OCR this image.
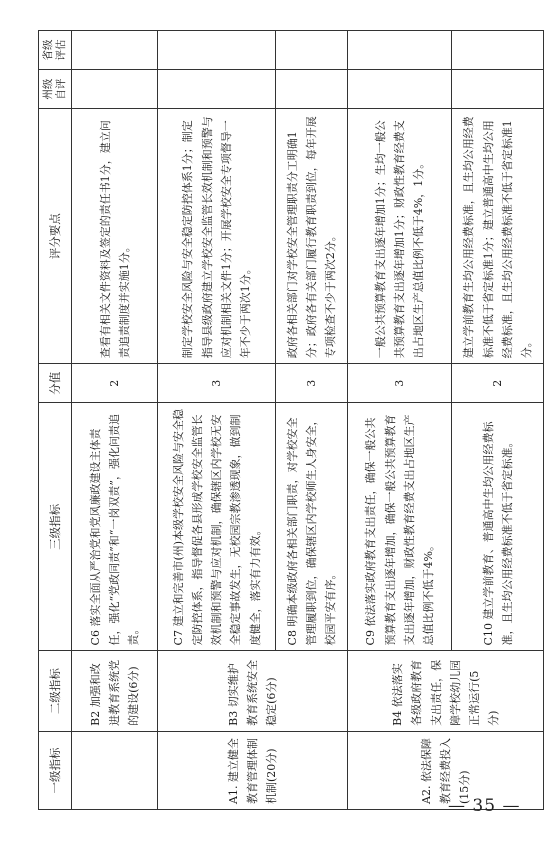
一级指标	二级指标	三级指标	分值	评分要点	州级自评	省级评估
	B2 加强和改进教育系统党的建设(6分)	C6 落实全面从严治党和党风廉政建设主体责任，强化“党政同责”和“一岗双责”，强化问责追责。	2	查看有相关文件资料及签定的责任书1分，建立问责追责制度并实施1分。		
A1. 建立健全教育管理体制机制(20分)	B3 切实维护教育系统安全稳定(6分)	C7 建立和完善市(州)本级学校安全风险与安全稳定防控体系，指导督促各县形成学校安全监管长效机制和预警与应对机制，确保辖区内学校无安全稳定事故发生，无校园宗教渗透现象，做到制度健全，落实有力有效。	3	制定学校安全风险与安全稳定防控体系1分；制定指导县级政府建立学校安全监管长效机制和预警与应对机制相关文件1分；开展学校安全专项督导一年不少于两次1分。		
		C8 明确本级政府各相关部门职责，对学校安全管理履职到位，确保辖区内学校师生人身安全，校园平安有序。	3	政府各相关部门对学校安全管理职责分工明确1分；政府各有关部门履行教育职责到位，每年开展专项检查不少于两次2分。		
A2. 依法保障教育经费投入(15分)	B4 依法落实各级政府教育支出责任，保障学校幼儿园正常运行(5分)	C9 依法落实政府教育支出责任，确保一般公共预算教育支出逐年增加，确保一般公共预算教育支出逐年增加，财政性教育经费支出占地区生产总值比例不低于4%。	3	一般公共预算教育支出逐年增加1分；生均一般公共预算教育支出逐年增加1分；财政性教育经费支出占地区生产总值比例不低于4%，1分。		
		C10 建立学前教育、普通高中生均公用经费标准，且生均公用经费标准不低于省定标准。	2	建立学前教育生均公用经费标准，且生均公用经费标准不低于省定标准1分；建立普通高中生均公用经费标准，且生均公用经费标准不低于省定标准1分。		
— 35 —
